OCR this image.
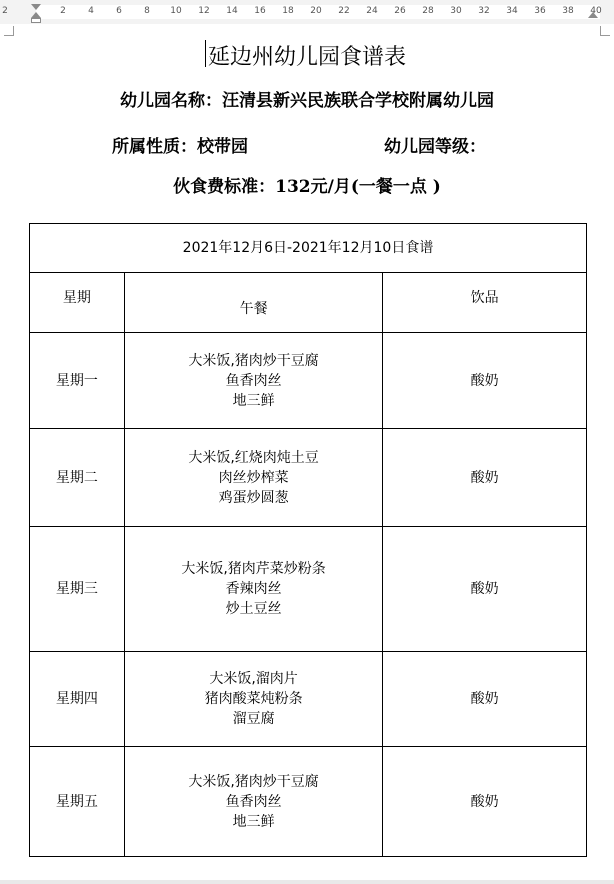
2	2 4 6 8 10 12 14 16 18 20 22 24 26 28 30 32 34 36 38 40
延边州幼儿园食谱表
幼儿园名称：汪清县新兴民族联合学校附属幼儿园
所属性质：校带园	幼儿园等级：
伙食费标准：132元/月(一餐一点 )
2021年12月6日-2021年12月10日食谱		
星期	午餐	饮品
星期一	大米饭,猪肉炒干豆腐
鱼香肉丝
地三鲜	酸奶
星期二	大米饭,红烧肉炖土豆
肉丝炒榨菜
鸡蛋炒圆葱	酸奶
星期三	大米饭,猪肉芹菜炒粉条
香辣肉丝
炒土豆丝	酸奶
星期四	大米饭,溜肉片
猪肉酸菜炖粉条
溜豆腐	酸奶
星期五	大米饭,猪肉炒干豆腐
鱼香肉丝
地三鲜	酸奶
